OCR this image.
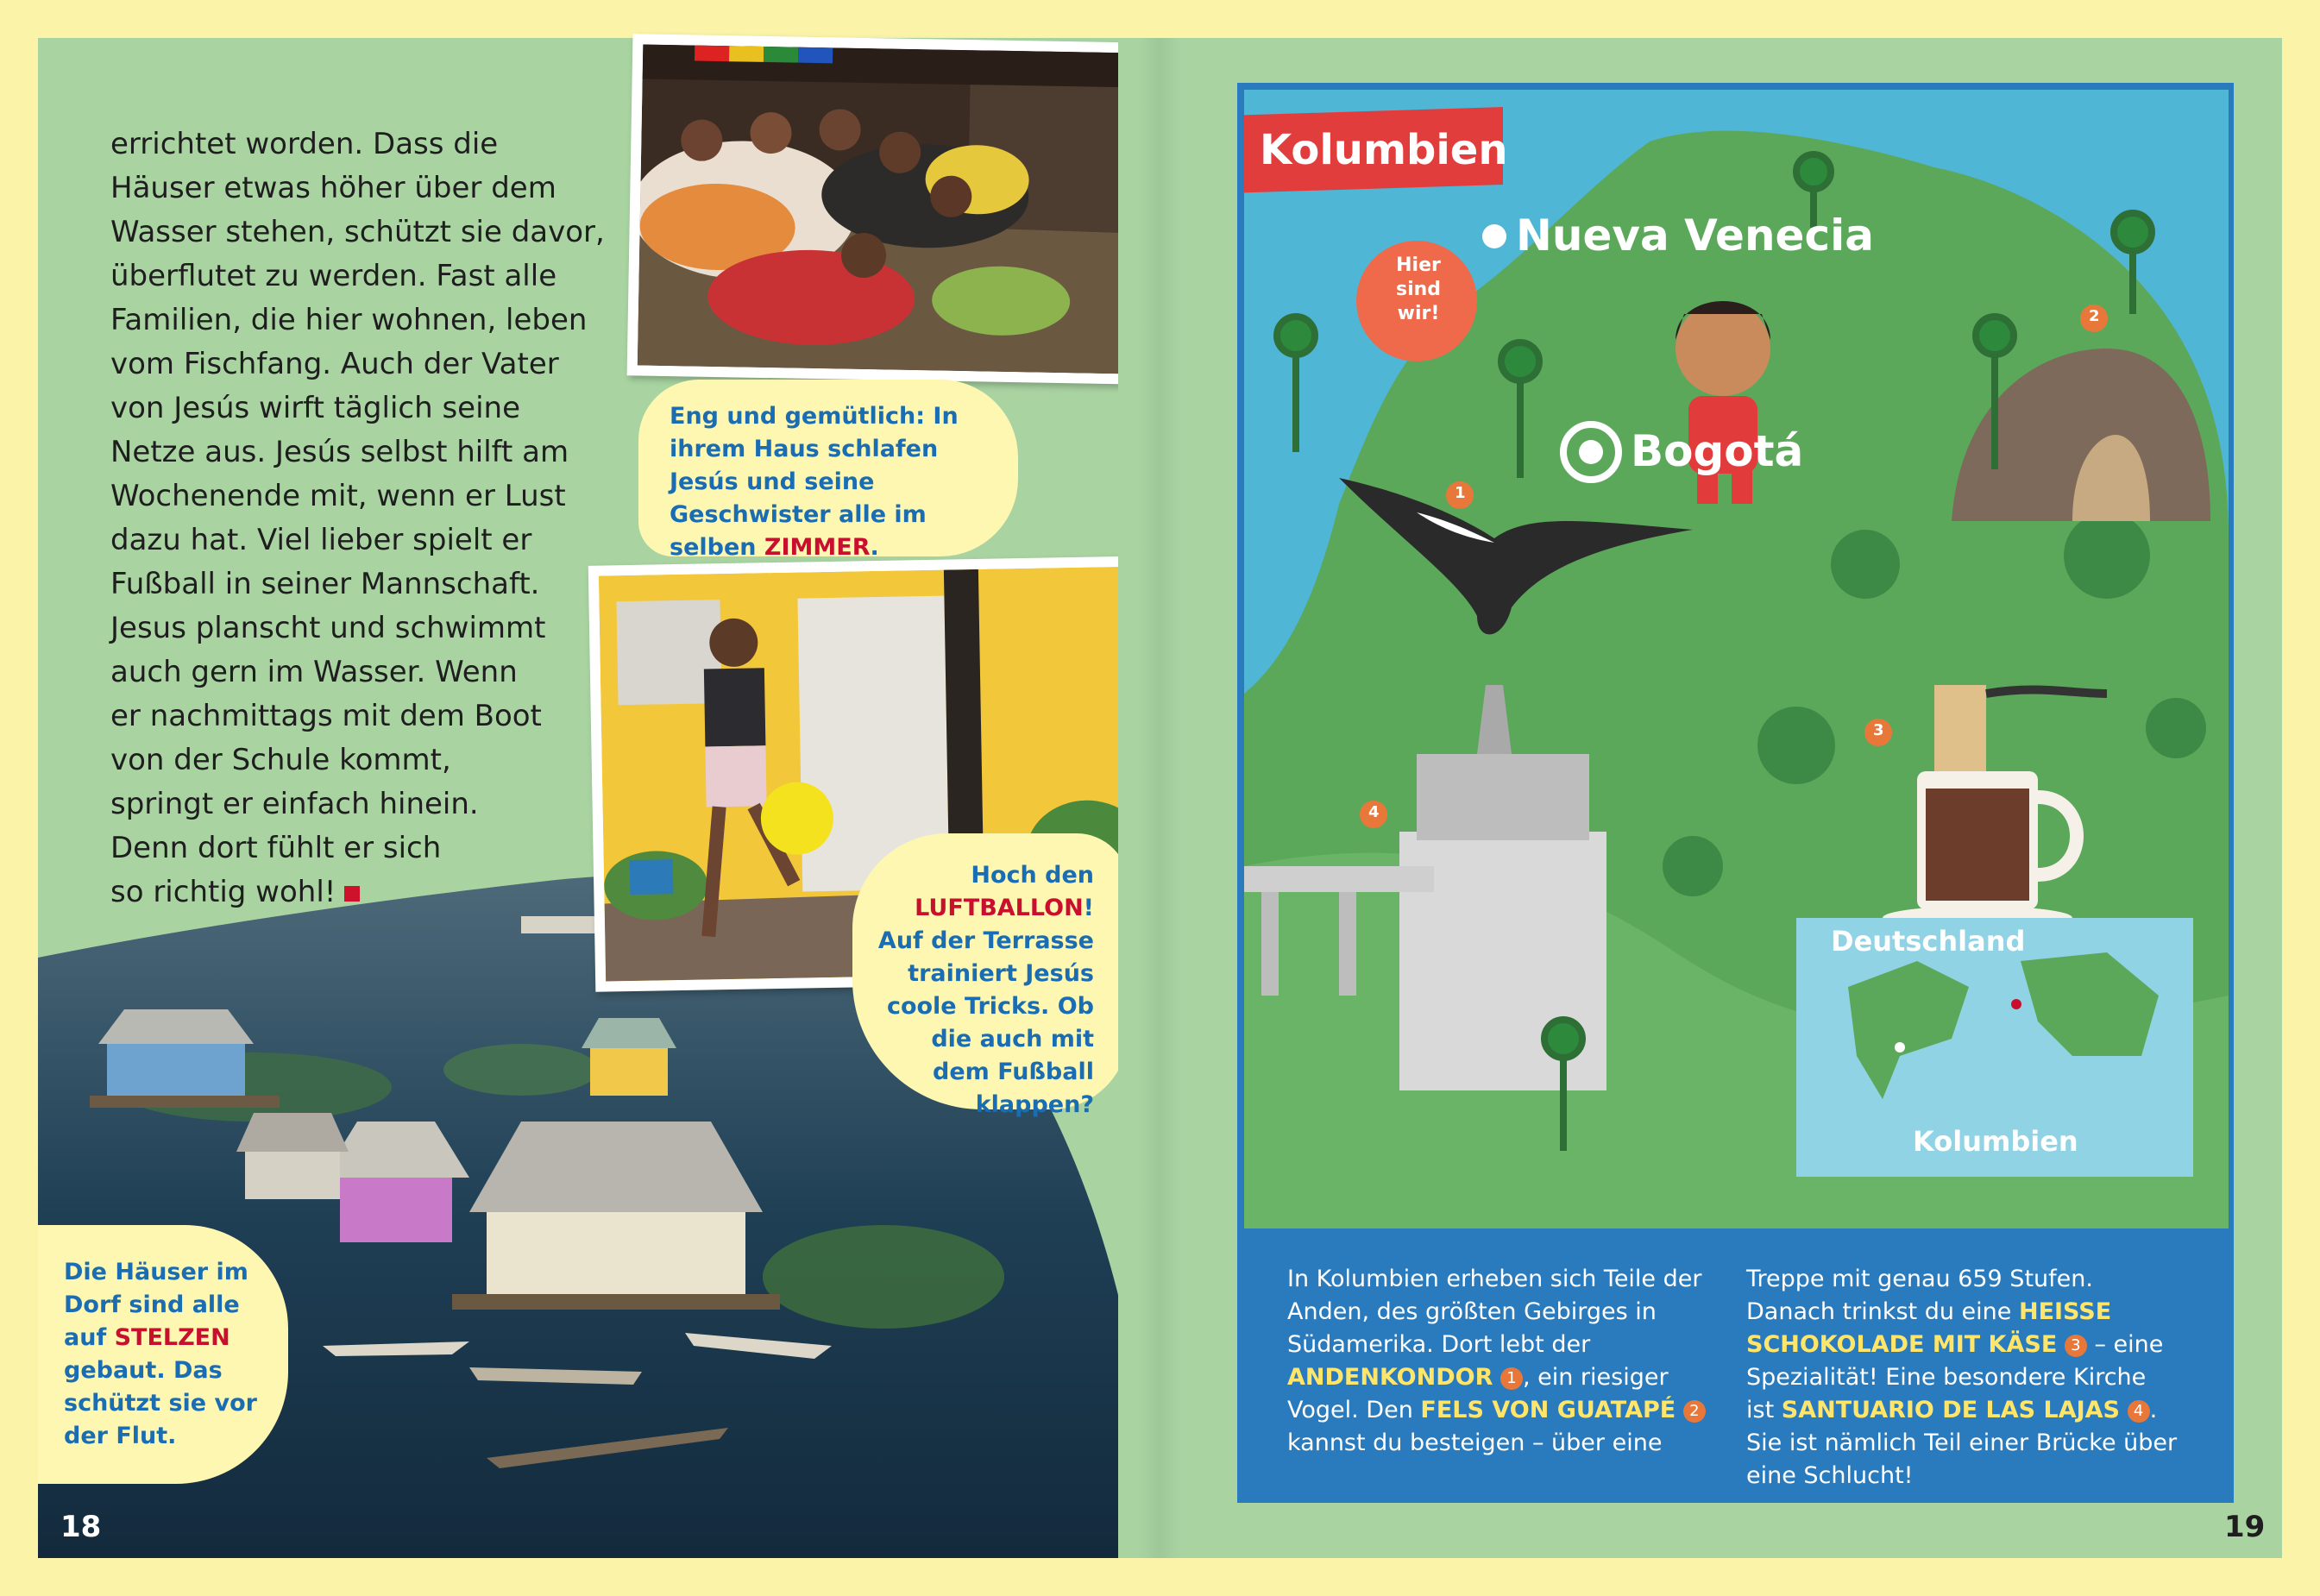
errichtet worden. Dass die

Häuser etwas höher über dem

Wasser stehen, schützt sie davor,

überflutet zu werden. Fast alle

Familien, die hier wohnen, leben

vom Fischfang. Auch der Vater

von Jesús wirft täglich seine

Netze aus. Jesús selbst hilft am

Wochenende mit, wenn er Lust

dazu hat. Viel lieber spielt er

Fußball in seiner Mannschaft.

Jesus planscht und schwimmt

auch gern im Wasser. Wenn

er nachmittags mit dem Boot

von der Schule kommt,

springt er einfach hinein.

Denn dort fühlt er sich

so richtig wohl!

Eng und gemütlich: In ihrem Haus schlafen Jesús und seine Geschwister alle im selben ZIMMER.
Hoch den LUFTBALLON! Auf der Terrasse trainiert Jesús coole Tricks. Ob die auch mit dem Fußball klappen?
Die Häuser im Dorf sind alle auf STELZEN gebaut. Das schützt sie vor der Flut.
18
Kolumbien
Hier sind wir!
Nueva Venecia
Bogotá
1
2
3
4
Deutschland
Kolumbien
In Kolumbien erheben sich Teile der Anden, des größten Gebirges in Südamerika. Dort lebt der ANDENKONDOR 1 , ein riesiger Vogel. Den FELS VON GUATAPÉ 2
kannst du besteigen – über eine
Treppe mit genau 659 Stufen. Danach trinkst du eine HEISSE SCHOKOLADE MIT KÄSE 3 – eine Spezialität! Eine besondere Kirche ist SANTUARIO DE LAS LAJAS 4 . Sie ist nämlich Teil einer Brücke über eine Schlucht!
19
